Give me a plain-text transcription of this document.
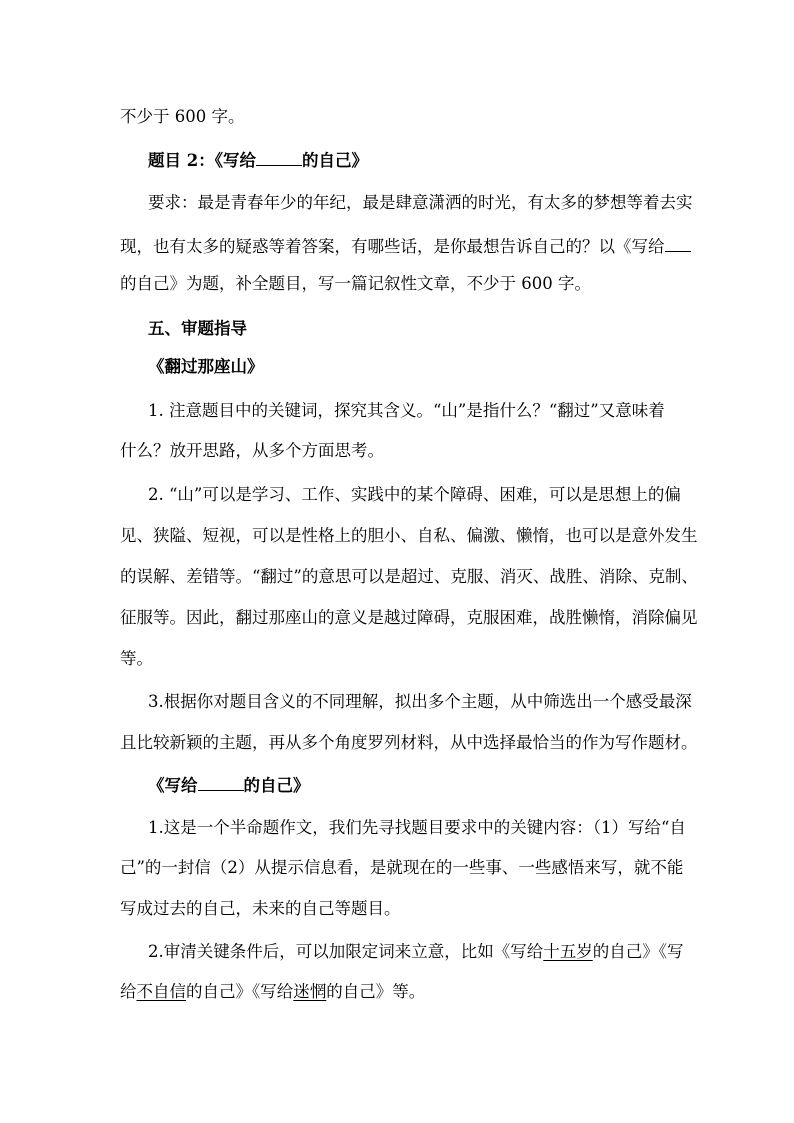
不少于 600 字。
题目 2：《写给	的自己》
要求：最是青春年少的年纪，最是肆意潇洒的时光，有太多的梦想等着去实
现，也有太多的疑惑等着答案，有哪些话，是你最想告诉自己的？以《写给
的自己》为题，补全题目，写一篇记叙性文章，不少于 600 字。
五、审题指导
《翻过那座山》
1. 注意题目中的关键词，探究其含义。“山”是指什么？“翻过”又意味着
什么？放开思路，从多个方面思考。
2. “山”可以是学习、工作、实践中的某个障碍、困难，可以是思想上的偏
见、狭隘、短视，可以是性格上的胆小、自私、偏激、懒惰，也可以是意外发生
的误解、差错等。“翻过”的意思可以是超过、克服、消灭、战胜、消除、克制、
征服等。因此，翻过那座山的意义是越过障碍，克服困难，战胜懒惰，消除偏见
等。
3.根据你对题目含义的不同理解，拟出多个主题，从中筛选出一个感受最深
且比较新颖的主题，再从多个角度罗列材料，从中选择最恰当的作为写作题材。
《写给	的自己》
1.这是一个半命题作文，我们先寻找题目要求中的关键内容：（1）写给“自
己”的一封信（2）从提示信息看，是就现在的一些事、一些感悟来写，就不能
写成过去的自己，未来的自己等题目。
2.审清关键条件后，可以加限定词来立意，比如《写给十五岁的自己》《写
给不自信的自己》《写给迷惘的自己》等。
